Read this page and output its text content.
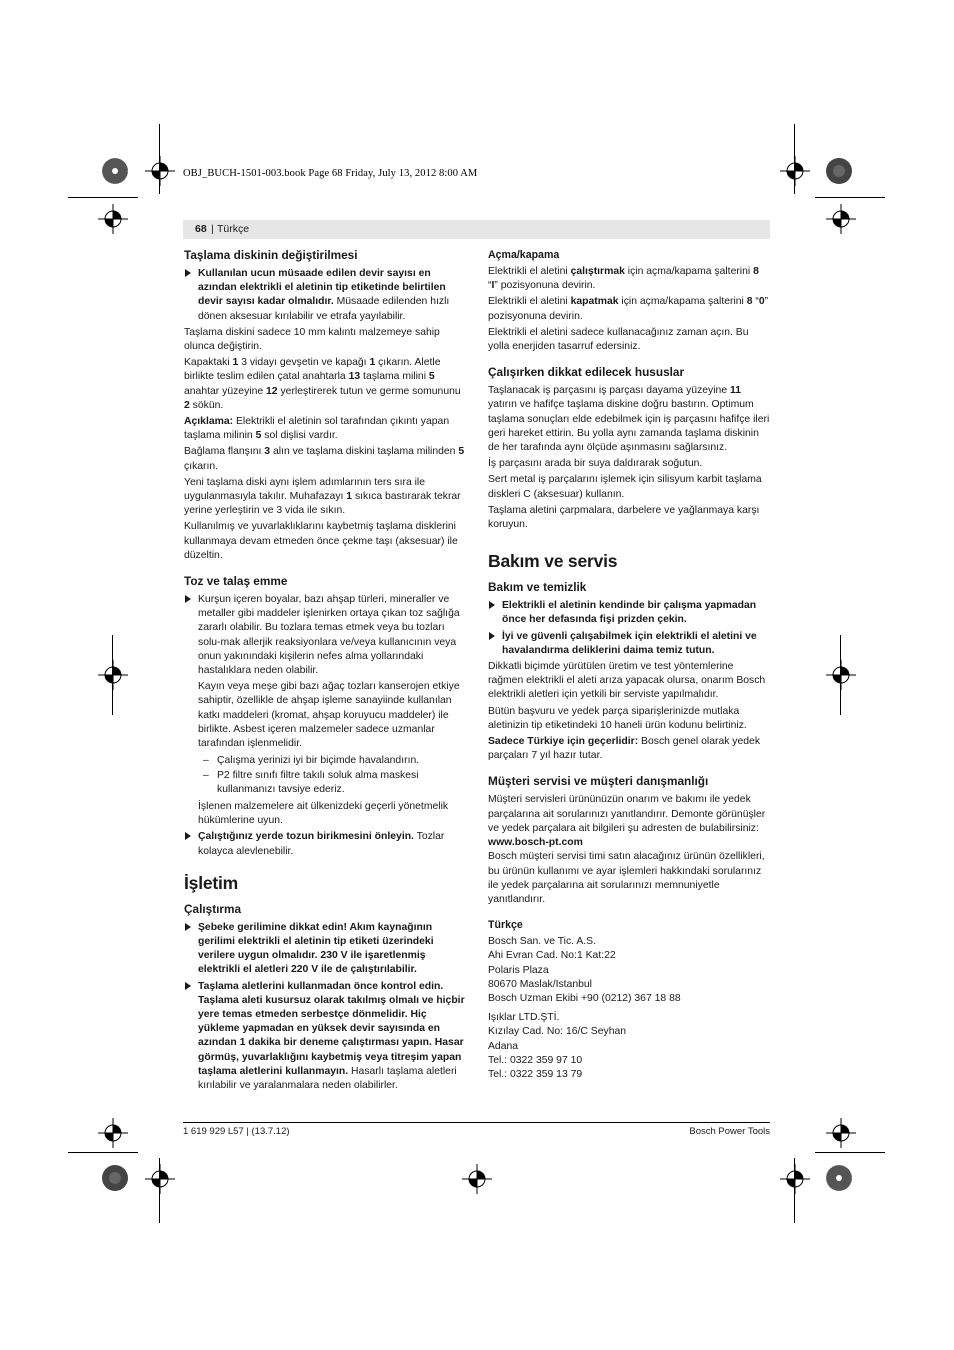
OBJ_BUCH-1501-003.book Page 68 Friday, July 13, 2012 8:00 AM
68 | Türkçe
Taşlama diskinin değiştirilmesi
Kullanılan ucun müsaade edilen devir sayısı en azından elektrikli el aletinin tip etiketinde belirtilen devir sayısı kadar olmalıdır. Müsaade edilenden hızlı dönen aksesuar kırılabilir ve etrafa yayılabilir.
Taşlama diskini sadece 10 mm kalıntı malzemeye sahip olunca değiştirin.
Kapaktaki 1 3 vidayı gevşetin ve kapağı 1 çıkarın. Aletle birlikte teslim edilen çatal anahtarla 13 taşlama milini 5 anahtar yüzeyine 12 yerleştirerek tutun ve germe somununu 2 sökün.
Açıklama: Elektrikli el aletinin sol tarafından çıkıntı yapan taşlama milinin 5 sol dişlisi vardır.
Bağlama flanşını 3 alın ve taşlama diskini taşlama milinden 5 çıkarın.
Yeni taşlama diski aynı işlem adımlarının ters sıra ile uygulanmasıyla takılır. Muhafazayı 1 sıkıca bastırarak tekrar yerine yerleştirin ve 3 vida ile sıkın.
Kullanılmış ve yuvarlaklıklarını kaybetmiş taşlama disklerini kullanmaya devam etmeden önce çekme taşı (aksesuar) ile düzeltin.
Toz ve talaş emme
Kurşun içeren boyalar, bazı ahşap türleri, mineraller ve metaller gibi maddeler işlenirken ortaya çıkan toz sağlığa zararlı olabilir. Bu tozlara temas etmek veya bu tozları solu-mak allerjik reaksiyonlara ve/veya kullanıcının veya onun yakınındaki kişilerin nefes alma yollarındaki hastalıklara neden olabilir.
Kayın veya meşe gibi bazı ağaç tozları kanserojen etkiye sahiptir, özellikle de ahşap işleme sanayiinde kullanılan katkı maddeleri (kromat, ahşap koruyucu maddeler) ile birlikte. Asbest içeren malzemeler sadece uzmanlar tarafından işlenmelidir.
– Çalışma yerinizi iyi bir biçimde havalandırın.
– P2 filtre sınıfı filtre takılı soluk alma maskesi kullanmanızı tavsiye ederiz.
İşlenen malzemelere ait ülkenizdeki geçerli yönetmelik hükümlerine uyun.
Çalıştığınız yerde tozun birikmesini önleyin. Tozlar kolayca alevlenebilir.
İşletim
Çalıştırma
Şebeke gerilimine dikkat edin! Akım kaynağının gerilimi elektrikli el aletinin tip etiketi üzerindeki verilere uygun olmalıdır. 230 V ile işaretlenmiş elektrikli el aletleri 220 V ile de çalıştırılabilir.
Taşlama aletlerini kullanmadan önce kontrol edin. Taşlama aleti kusursuz olarak takılmış olmalı ve hiçbir yere temas etmeden serbestçe dönmelidir. Hiç yükleme yapmadan en yüksek devir sayısında en azından 1 dakika bir deneme çalıştırması yapın. Hasar görmüş, yuvarlaklığını kaybetmiş veya titreşim yapan taşlama aletlerini kullanmayın. Hasarlı taşlama aletleri kırılabilir ve yaralanmalara neden olabilirler.
Açma/kapama
Elektrikli el aletini çalıştırmak için açma/kapama şalterini 8 “I” pozisyonuna devirin.
Elektrikli el aletini kapatmak için açma/kapama şalterini 8 “0” pozisyonuna devirin.
Elektrikli el aletini sadece kullanacağınız zaman açın. Bu yolla enerjiden tasarruf edersiniz.
Çalışırken dikkat edilecek hususlar
Taşlanacak iş parçasını iş parçası dayama yüzeyine 11 yatırın ve hafifçe taşlama diskine doğru bastırın. Optimum taşlama sonuçları elde edebilmek için iş parçasını hafifçe ileri geri hareket ettirin. Bu yolla aynı zamanda taşlama diskinin de her tarafında aynı ölçüde aşınmasını sağlarsınız.
İş parçasını arada bir suya daldırarak soğutun.
Sert metal iş parçalarını işlemek için silisyum karbit taşlama diskleri C (aksesuar) kullanın.
Taşlama aletini çarpmalara, darbelere ve yağlanmaya karşı koruyun.
Bakım ve servis
Bakım ve temizlik
Elektrikli el aletinin kendinde bir çalışma yapmadan önce her defasında fişi prizden çekin.
İyi ve güvenli çalışabilmek için elektrikli el aletini ve havalandırma deliklerini daima temiz tutun.
Dikkatli biçimde yürütülen üretim ve test yöntemlerine rağmen elektrikli el aleti arıza yapacak olursa, onarım Bosch elektrikli aletleri için yetkili bir serviste yapılmalıdır.
Bütün başvuru ve yedek parça siparişlerinizde mutlaka aletinizin tip etiketindeki 10 haneli ürün kodunu belirtiniz.
Sadece Türkiye için geçerlidir: Bosch genel olarak yedek parçaları 7 yıl hazır tutar.
Müşteri servisi ve müşteri danışmanlığı
Müşteri servisleri ürününüzün onarım ve bakımı ile yedek parçalarına ait sorularınızı yanıtlandırır. Demonte görünüşler ve yedek parçalara ait bilgileri şu adresten de bulabilirsiniz:
www.bosch-pt.com
Bosch müşteri servisi timi satın alacağınız ürünün özellikleri, bu ürünün kullanımı ve ayar işlemleri hakkındaki sorularınız ile yedek parçalarına ait sorularınızı memnuniyetle yanıtlandırır.
Türkçe
Bosch San. ve Tic. A.S.
Ahi Evran Cad. No:1 Kat:22
Polaris Plaza
80670 Maslak/Istanbul
Bosch Uzman Ekibi +90 (0212) 367 18 88
Işıklar LTD.ŞTİ.
Kızılay Cad. No: 16/C Seyhan
Adana
Tel.: 0322 359 97 10
Tel.: 0322 359 13 79
1 619 929 L57 | (13.7.12)	Bosch Power Tools
